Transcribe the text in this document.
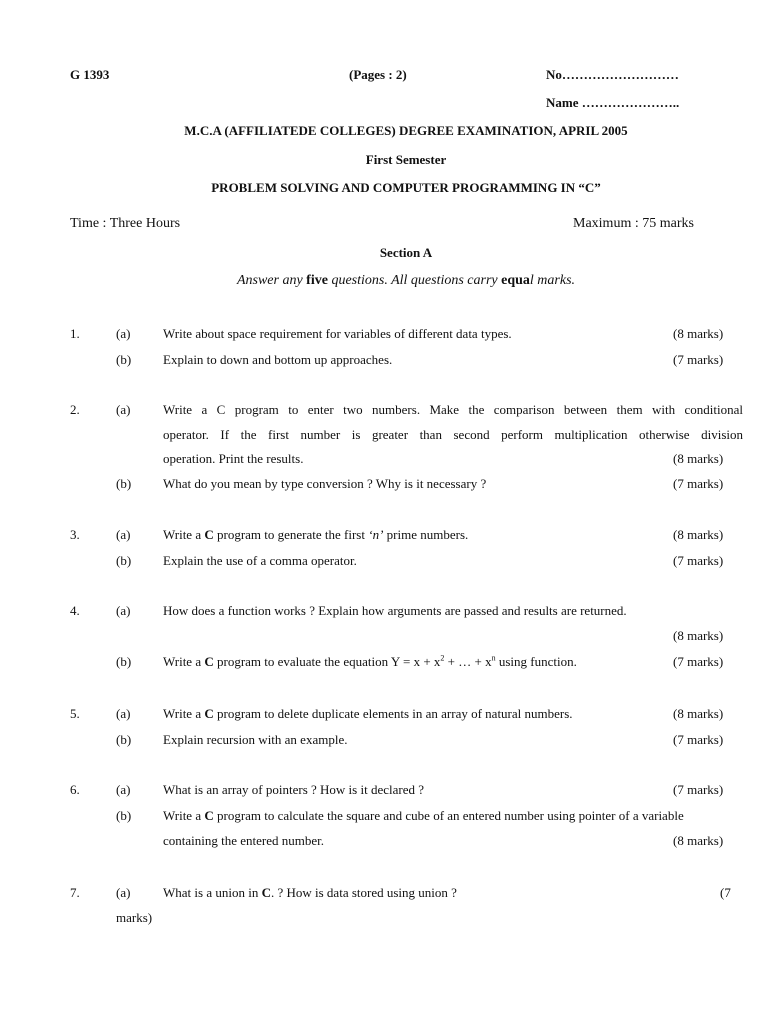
G 1393	(Pages : 2)	No………………………
Name …………………..
M.C.A (AFFILIATEDE COLLEGES) DEGREE EXAMINATION, APRIL 2005
First Semester
PROBLEM SOLVING AND COMPUTER PROGRAMMING IN “C”
Time : Three Hours	Maximum : 75 marks
Section A
Answer any five questions. All questions carry equal marks.
1.	(a)	Write about space requirement for variables of different data types.	(8 marks)
(b) Explain to down and bottom up approaches.	(7 marks)
2.	(a)	Write a C program to enter two numbers. Make the comparison between them with conditional
operator. If the first number is greater than second perform multiplication otherwise division
operation. Print the results.	(8 marks)
(b) What do you mean by type conversion ? Why is it necessary ?	(7 marks)
3.	(a)	Write a C program to generate the first ‘n’ prime numbers.	(8 marks)
(b) Explain the use of a comma operator.	(7 marks)
4.	(a)	How does a function works ? Explain how arguments are passed and results are returned.
(8 marks)
(b) Write a C program to evaluate the equation $Y = x + x^2$ + … + $x^n$ using function.	(7 marks)
5.	(a)	Write a C program to delete duplicate elements in an array of natural numbers.	(8 marks)
(b) Explain recursion with an example.	(7 marks)
6.	(a)	What is an array of pointers ? How is it declared ?	(7 marks)
(b) Write a C program to calculate the square and cube of an entered number using pointer of a variable
containing the entered number.	(8 marks)
7.	(a)	What is a union in C. ? How is data stored using union ?	(7
marks)
